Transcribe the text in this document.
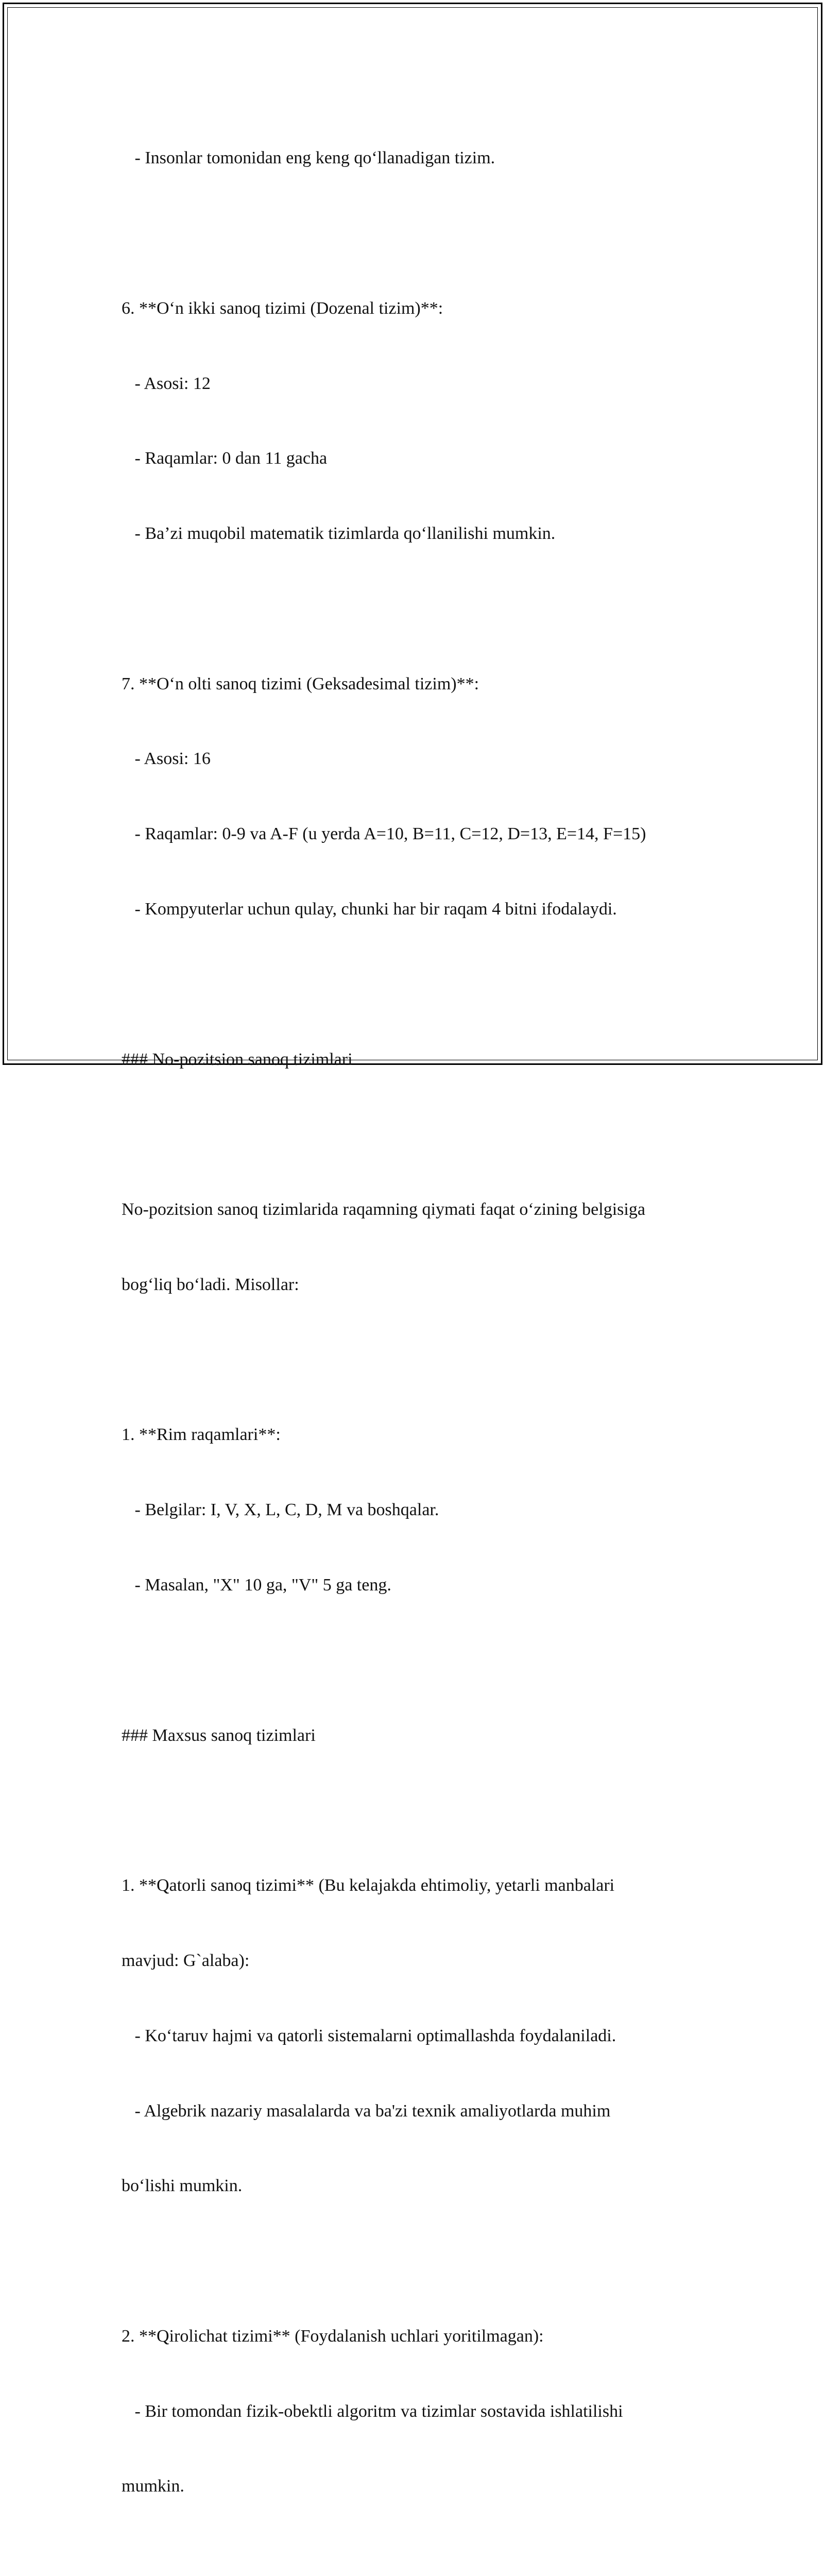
- Insonlar tomonidan eng keng qo‘llanadigan tizim.

6. **O‘n ikki sanoq tizimi (Dozenal tizim)**:

- Asosi: 12

- Raqamlar: 0 dan 11 gacha

- Ba’zi muqobil matematik tizimlarda qo‘llanilishi mumkin.

7. **O‘n olti sanoq tizimi (Geksadesimal tizim)**:

- Asosi: 16

- Raqamlar: 0-9 va A-F (u yerda A=10, B=11, C=12, D=13, E=14, F=15)

- Kompyuterlar uchun qulay, chunki har bir raqam 4 bitni ifodalaydi.

### No-pozitsion sanoq tizimlari

No-pozitsion sanoq tizimlarida raqamning qiymati faqat o‘zining belgisiga

bog‘liq bo‘ladi. Misollar:

1. **Rim raqamlari**:

- Belgilar: I, V, X, L, C, D, M va boshqalar.

- Masalan, "X" 10 ga, "V" 5 ga teng.

### Maxsus sanoq tizimlari

1. **Qatorli sanoq tizimi** (Bu kelajakda ehtimoliy, yetarli manbalari

mavjud: G`alaba):

- Ko‘taruv hajmi va qatorli sistemalarni optimallashda foydalaniladi.

- Algebrik nazariy masalalarda va ba'zi texnik amaliyotlarda muhim

bo‘lishi mumkin.

2. **Qirolichat tizimi** (Foydalanish uchlari yoritilmagan):

- Bir tomondan fizik-obektli algoritm va tizimlar sostavida ishlatilishi

mumkin.
